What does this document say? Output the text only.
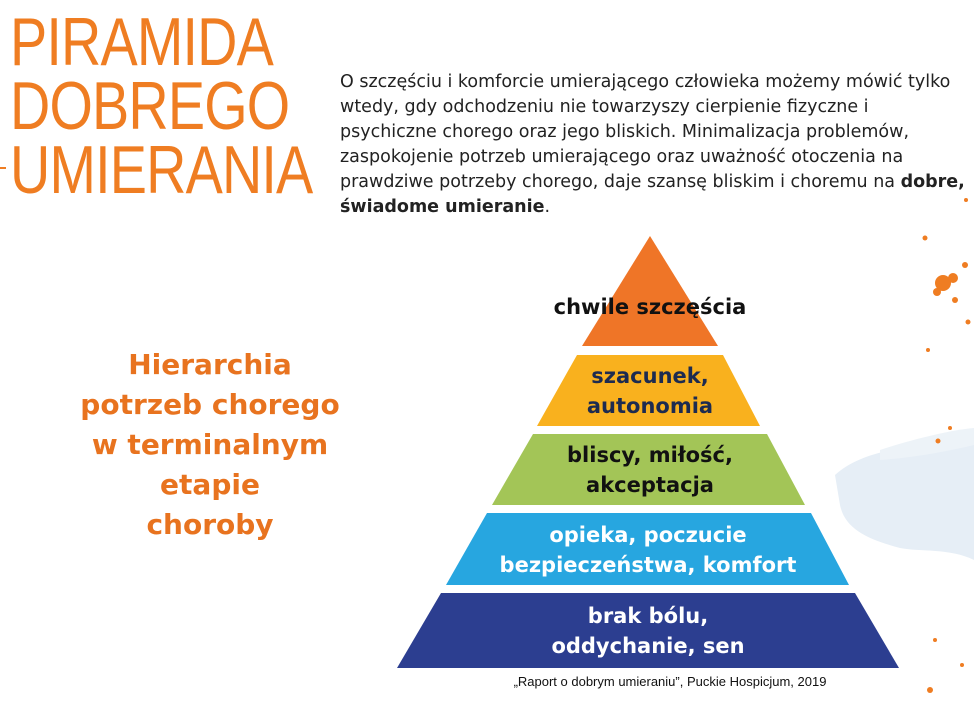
PIRAMIDA
DOBREGO
UMIERANIA

O szczęściu i komforcie umierającego człowieka możemy mówić tylko wtedy, gdy odchodzeniu nie towarzyszy cierpienie fizyczne i psychiczne chorego oraz jego bliskich. Minimalizacja problemów, zaspokojenie potrzeb umierającego oraz uważność otoczenia na prawdziwe potrzeby chorego, daje szansę bliskim i choremu na dobre, świadome umieranie.

Hierarchia
potrzeb chorego
w terminalnym
etapie
choroby
chwile szczęścia
szacunek,
autonomia
bliscy, miłość,
akceptacja
opieka, poczucie
bezpieczeństwa, komfort
brak bólu,
oddychanie, sen
„Raport o dobrym umieraniu”, Puckie Hospicjum, 2019
